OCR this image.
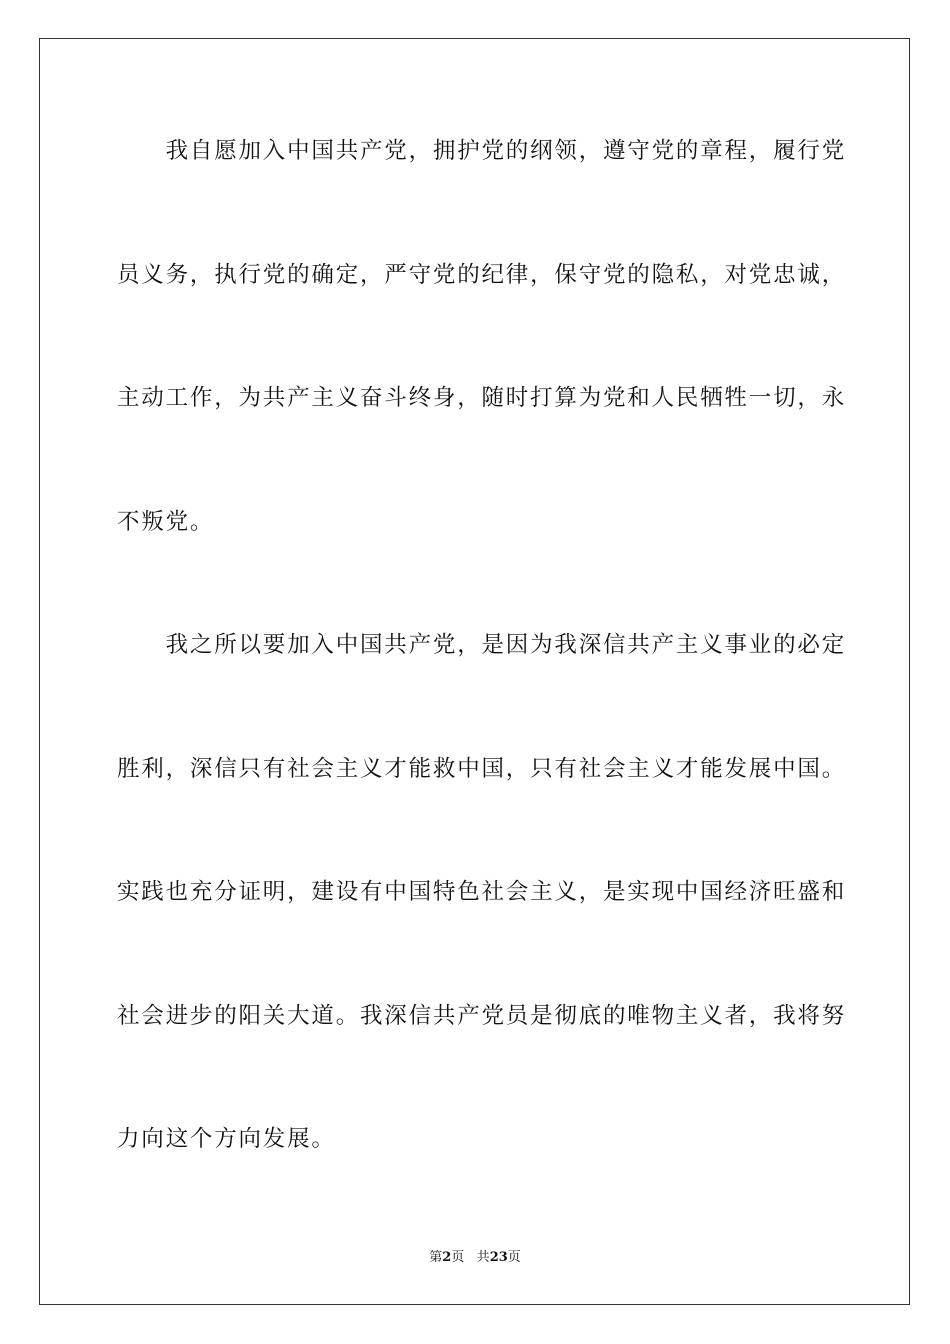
　　我自愿加入中国共产党，拥护党的纲领，遵守党的章程，履行党
员义务，执行党的确定，严守党的纪律，保守党的隐私，对党忠诚，
主动工作，为共产主义奋斗终身，随时打算为党和人民牺牲一切，永
不叛党。
　　我之所以要加入中国共产党，是因为我深信共产主义事业的必定
胜利，深信只有社会主义才能救中国，只有社会主义才能发展中国。
实践也充分证明，建设有中国特色社会主义，是实现中国经济旺盛和
社会进步的阳关大道。我深信共产党员是彻底的唯物主义者，我将努
力向这个方向发展。
第2页 共23页
